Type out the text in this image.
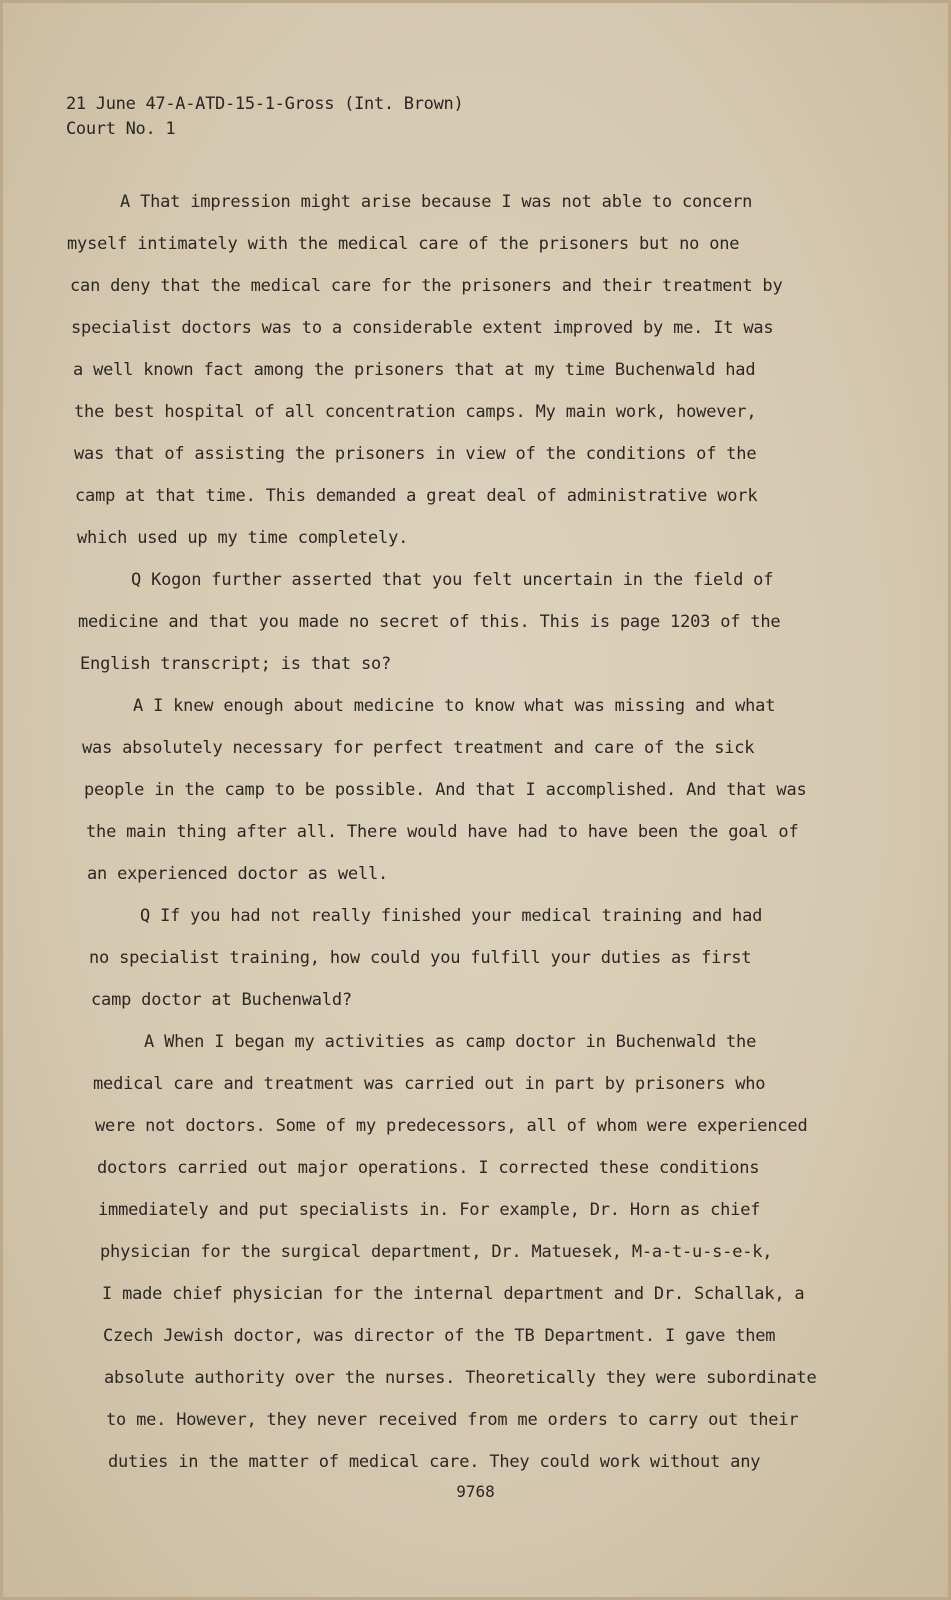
21 June 47-A-ATD-15-1-Gross (Int. Brown)
Court No. 1
A That impression might arise because I was not able to concern
myself intimately with the medical care of the prisoners but no one
can deny that the medical care for the prisoners and their treatment by
specialist doctors was to a considerable extent improved by me. It was
a well known fact among the prisoners that at my time Buchenwald had
the best hospital of all concentration camps. My main work, however,
was that of assisting the prisoners in view of the conditions of the
camp at that time. This demanded a great deal of administrative work
which used up my time completely.
Q Kogon further asserted that you felt uncertain in the field of
medicine and that you made no secret of this. This is page 1203 of the
English transcript; is that so?
A I knew enough about medicine to know what was missing and what
was absolutely necessary for perfect treatment and care of the sick
people in the camp to be possible. And that I accomplished. And that was
the main thing after all. There would have had to have been the goal of
an experienced doctor as well.
Q If you had not really finished your medical training and had
no specialist training, how could you fulfill your duties as first
camp doctor at Buchenwald?
A When I began my activities as camp doctor in Buchenwald the
medical care and treatment was carried out in part by prisoners who
were not doctors. Some of my predecessors, all of whom were experienced
doctors carried out major operations. I corrected these conditions
immediately and put specialists in. For example, Dr. Horn as chief
physician for the surgical department, Dr. Matuesek, M-a-t-u-s-e-k,
I made chief physician for the internal department and Dr. Schallak, a
Czech Jewish doctor, was director of the TB Department. I gave them
absolute authority over the nurses. Theoretically they were subordinate
to me. However, they never received from me orders to carry out their
duties in the matter of medical care. They could work without any
9768
